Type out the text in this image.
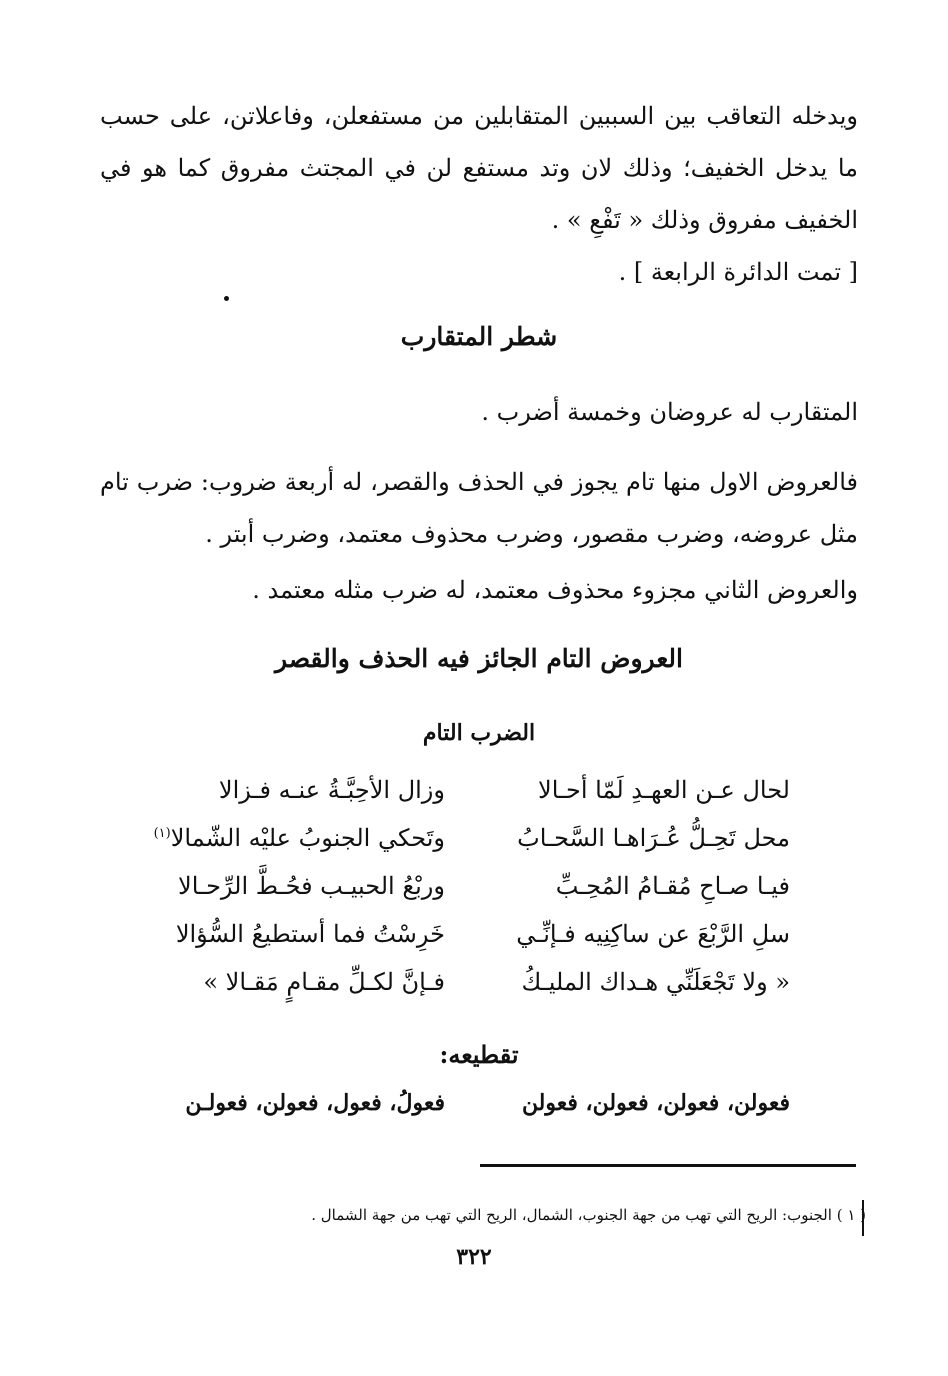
ويدخله التعاقب بين السببين المتقابلين من مستفعلن، وفاعلاتن، على حسب ما يدخل الخفيف؛ وذلك لان وتد مستفع لن في المجتث مفروق كما هو في الخفيف مفروق وذلك « تَفْعِ » .
[ تمت الدائرة الرابعة ] .
شطر المتقارب
المتقارب له عروضان وخمسة أضرب .
فالعروض الاول منها تام يجوز في الحذف والقصر، له أربعة ضروب: ضرب تام مثل عروضه، وضرب مقصور، وضرب محذوف معتمد، وضرب أبتر .
والعروض الثاني مجزوء محذوف معتمد، له ضرب مثله معتمد .
العروض التام الجائز فيه الحذف والقصر
الضرب التام
لحال عـن العهـدِ لَمّا أحـالا
وزال الأحِبَّـةُ عنـه فـزالا
محل تَحِـلُّ عُـرَاهـا السَّحـابُ
وتَحكي الجنوبُ عليْه الشّمالا$^{(١)}$
فيـا صـاحِ مُقـامُ المُحِـبِّ
وربْعُ الحبيـب فحُـطَّ الرِّحـالا
سلِ الرَّبْعَ عن ساكِنِيه فـإنِّـي
خَرِسْتُ فما أستطيعُ السُّؤالا
« ولا تَجْعَلَنِّي هـداك المليـكُ
فـإنَّ لكـلِّ مقـامٍ مَقـالا »
تقطيعه:
فعولن، فعولن، فعولن، فعولن
فعولُ، فعول، فعولن، فعولـن
( ١ ) الجنوب: الريح التي تهب من جهة الجنوب، الشمال، الريح التي تهب من جهة الشمال .
٣٢٢
